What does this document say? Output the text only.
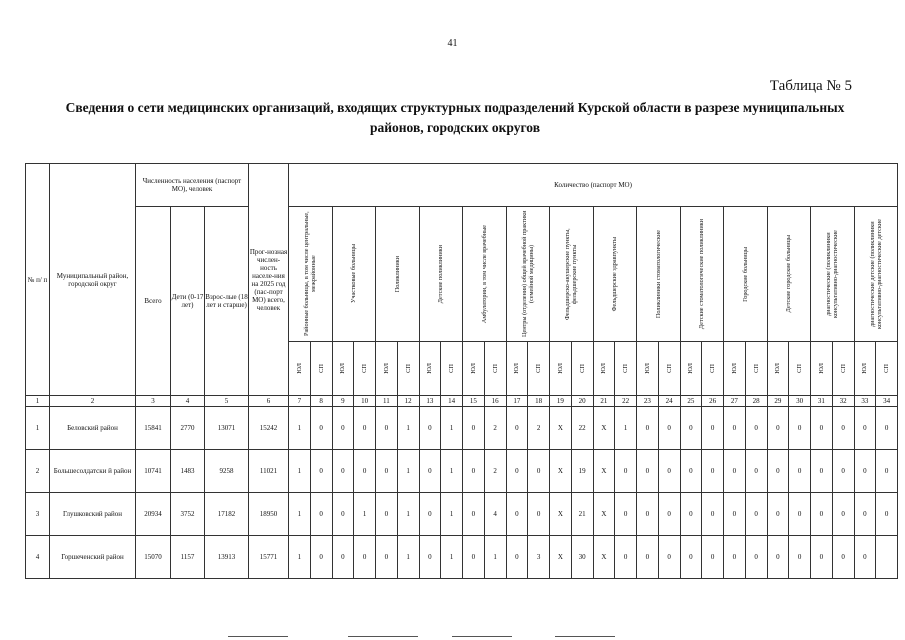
41
Таблица № 5
Сведения о сети медицинских организаций, входящих структурных подразделений Курской области в разрезе муниципальных районов, городских округов
№ п/ п	Муниципальный район, городской округ	Численность населения (паспорт МО), человек			Прог-нозная числен-ность населе-ния на 2025 год (пас-порт МО) всего, человек	Количество (паспорт МО)																											
		Всего	Дети (0-17 лет)	Взрос-лые (18 лет и старше)		Районные больницы, в том числе центральные, межрайонные		Участковые больницы		Поликлиники		Детские поликлиники		Амбулатории, в том числе врачебные		Центры (отделения) общей врачебной практики (семейной медицины)		Фельдшерско-акушерские пункты, фельдшерские пункты		Фельдшерские здравпункты		Поликлиники стоматологические		Детские стоматологические поликлиники		Городские больницы		Детские городские больницы		диагностические (поликлиники консультативно-диагностические		диагностические детские (поликлиники консультативно-диагностические детские	

						ЮЛ	СП	ЮЛ	СП	ЮЛ	СП	ЮЛ	СП	ЮЛ	СП	ЮЛ	СП	ЮЛ	СП	ЮЛ	СП	ЮЛ	СП	ЮЛ	СП	ЮЛ	СП	ЮЛ	СП	ЮЛ	СП	ЮЛ	СП

1	2	3	4	5	6	7	8	9	10	11	12	13	14	15	16	17	18	19	20	21	22	23	24	25	26	27	28	29	30	31	32	33	34
1	Беловский район	15841	2770	13071	15242	1	0	0	0	0	1	0	1	0	2	0	2	X	22	X	1	0	0	0	0	0	0	0	0	0	0	0	0
2	Большесолдатски й район	10741	1483	9258	11021	1	0	0	0	0	1	0	1	0	2	0	0	X	19	X	0	0	0	0	0	0	0	0	0	0	0	0	0
3	Глушковский район	20934	3752	17182	18950	1	0	0	1	0	1	0	1	0	4	0	0	X	21	X	0	0	0	0	0	0	0	0	0	0	0	0	0
4	Горшеченский район	15070	1157	13913	15771	1	0	0	0	0	1	0	1	0	1	0	3	X	30	X	0	0	0	0	0	0	0	0	0	0	0	0	
